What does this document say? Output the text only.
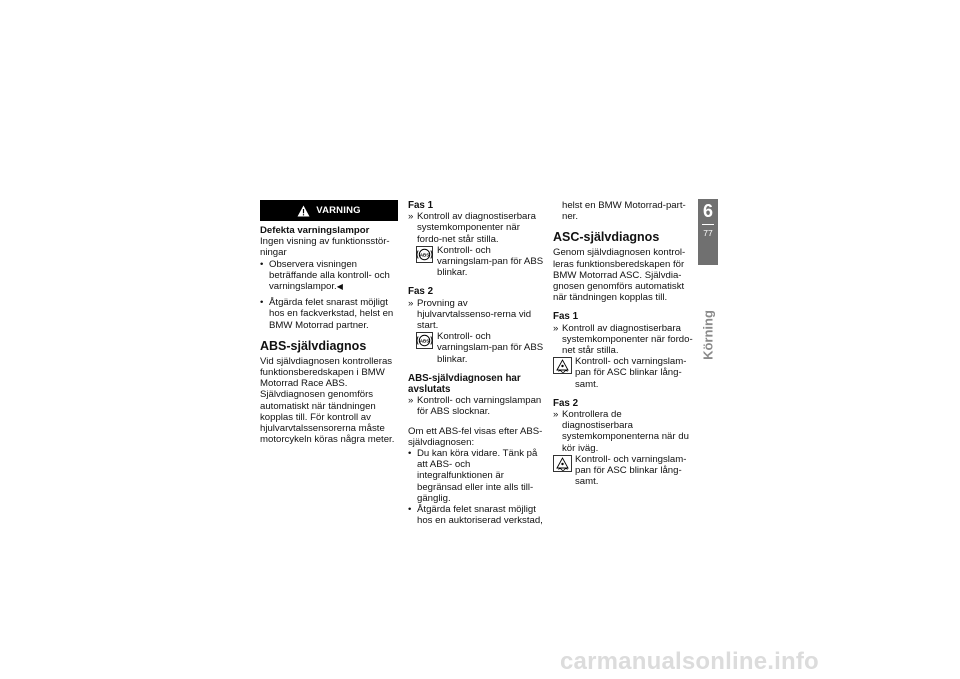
VARNING

Defekta varningslampor

Ingen visning av funktionsstör-ningar

• Observera visningen beträffande alla kontroll- och varningslampor.◀

• Åtgärda felet snarast möjligt hos en fackverkstad, helst en BMW Motorrad partner.

ABS-självdiagnos

Vid självdiagnosen kontrolleras funktionsberedskapen i BMW Motorrad Race ABS. Självdiagnosen genomförs automatiskt när tändningen kopplas till. För kontroll av hjulvarvtalssensorerna måste motorcykeln köras några meter.

Fas 1

» Kontroll av diagnostiserbara systemkomponenter när fordo-net står stilla.

ABS Kontroll- och varningslam-pan för ABS blinkar.

Fas 2

» Provning av hjulvarvtalssenso-rerna vid start.

ABS Kontroll- och varningslam-pan för ABS blinkar.

ABS-självdiagnosen har avslutats

» Kontroll- och varningslampan för ABS slocknar.

Om ett ABS-fel visas efter ABS-självdiagnosen:

• Du kan köra vidare. Tänk på att ABS- och integralfunktionen är begränsad eller inte alls till-gänglig.

• Åtgärda felet snarast möjligt hos en auktoriserad verkstad,

helst en BMW Motorrad-part-ner.

ASC-självdiagnos

Genom självdiagnosen kontrol-leras funktionsberedskapen för BMW Motorrad ASC. Självdia-gnosen genomförs automatiskt när tändningen kopplas till.

Fas 1

» Kontroll av diagnostiserbara systemkomponenter när fordo-net står stilla.

Kontroll- och varningslam-pan för ASC blinkar lång-samt.

Fas 2

» Kontrollera de diagnostiserbara systemkomponenterna när du kör iväg.

Kontroll- och varningslam-pan för ASC blinkar lång-samt.
6
77
Körning
carmanualsonline.info
